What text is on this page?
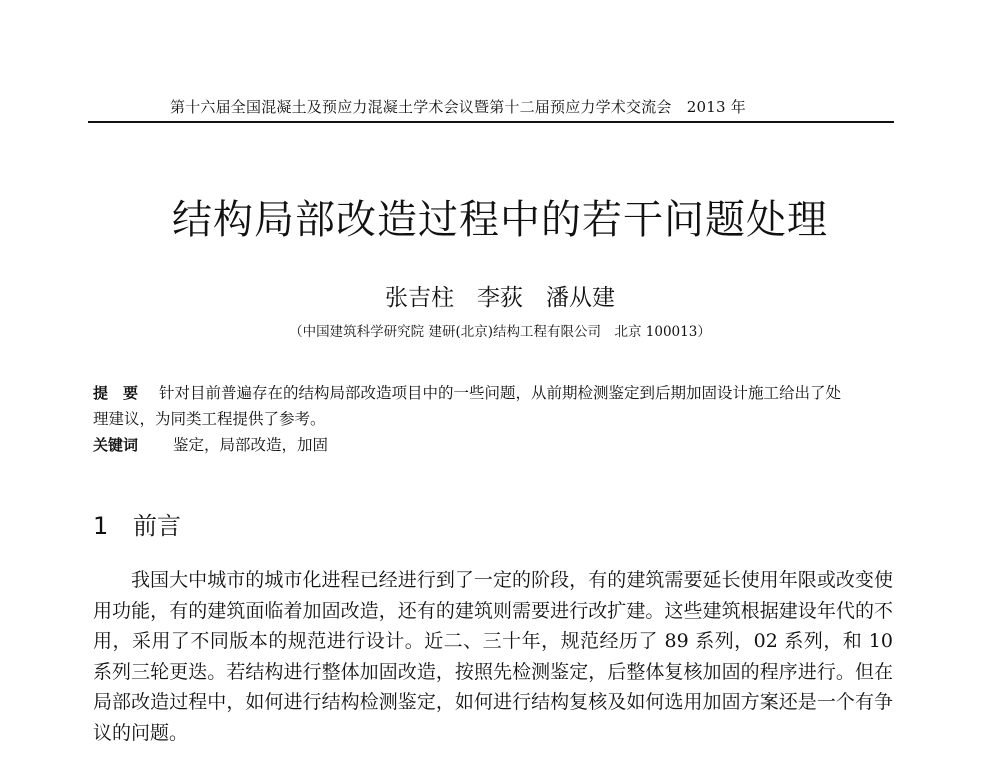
第十六届全国混凝土及预应力混凝土学术会议暨第十二届预应力学术交流会　2013 年
结构局部改造过程中的若干问题处理
张吉柱　李荻　潘从建
（中国建筑科学研究院 建研(北京)结构工程有限公司　北京 100013）
提　要 针对目前普遍存在的结构局部改造项目中的一些问题，从前期检测鉴定到后期加固设计施工给出了处理建议，为同类工程提供了参考。
关键词 鉴定，局部改造，加固
1 前言

我国大中城市的城市化进程已经进行到了一定的阶段，有的建筑需要延长使用年限或改变使用功能，有的建筑面临着加固改造，还有的建筑则需要进行改扩建。这些建筑根据建设年代的不用，采用了不同版本的规范进行设计。近二、三十年，规范经历了 89 系列，02 系列，和 10 系列三轮更迭。若结构进行整体加固改造，按照先检测鉴定，后整体复核加固的程序进行。但在局部改造过程中，如何进行结构检测鉴定，如何进行结构复核及如何选用加固方案还是一个有争议的问题。
